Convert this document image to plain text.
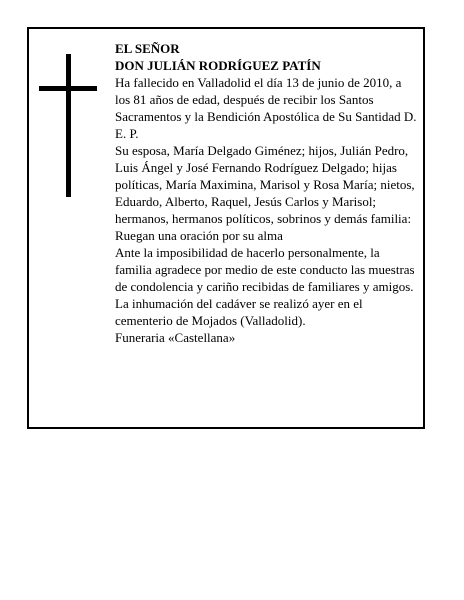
EL SEÑOR

DON JULIÁN RODRÍGUEZ PATÍN

Ha fallecido en Valladolid el día 13 de junio de 2010, a los 81 años de edad, después de recibir los Santos Sacramentos y la Bendición Apostólica de Su Santidad D. E. P.

Su esposa, María Delgado Giménez; hijos, Julián Pedro, Luis Ángel y José Fernando Rodríguez Delgado; hijas políticas, María Maximina, Marisol y Rosa María; nietos, Eduardo, Alberto, Raquel, Jesús Carlos y Marisol; hermanos, hermanos políticos, sobrinos y demás familia:

Ruegan una oración por su alma

Ante la imposibilidad de hacerlo personalmente, la familia agradece por medio de este conducto las muestras de condolencia y cariño recibidas de familiares y amigos.

La inhumación del cadáver se realizó ayer en el cementerio de Mojados (Valladolid).

Funeraria «Castellana»
